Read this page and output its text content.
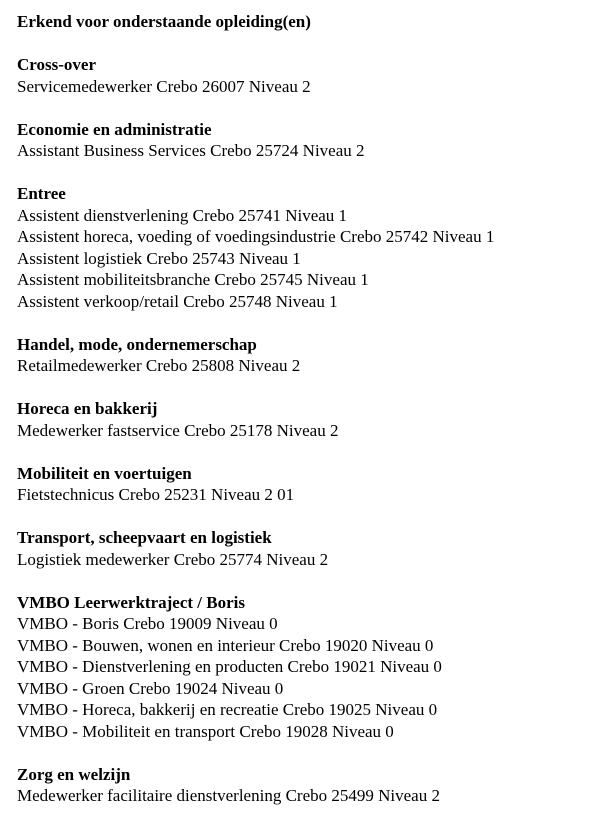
Erkend voor onderstaande opleiding(en)
Cross-over
Servicemedewerker Crebo 26007 Niveau 2
Economie en administratie
Assistant Business Services Crebo 25724 Niveau 2
Entree
Assistent dienstverlening Crebo 25741 Niveau 1
Assistent horeca, voeding of voedingsindustrie Crebo 25742 Niveau 1
Assistent logistiek Crebo 25743 Niveau 1
Assistent mobiliteitsbranche Crebo 25745 Niveau 1
Assistent verkoop/retail Crebo 25748 Niveau 1
Handel, mode, ondernemerschap
Retailmedewerker Crebo 25808 Niveau 2
Horeca en bakkerij
Medewerker fastservice Crebo 25178 Niveau 2
Mobiliteit en voertuigen
Fietstechnicus Crebo 25231 Niveau 2 01
Transport, scheepvaart en logistiek
Logistiek medewerker Crebo 25774 Niveau 2
VMBO Leerwerktraject / Boris
VMBO - Boris Crebo 19009 Niveau 0
VMBO - Bouwen, wonen en interieur Crebo 19020 Niveau 0
VMBO - Dienstverlening en producten Crebo 19021 Niveau 0
VMBO - Groen Crebo 19024 Niveau 0
VMBO - Horeca, bakkerij en recreatie Crebo 19025 Niveau 0
VMBO - Mobiliteit en transport Crebo 19028 Niveau 0
Zorg en welzijn
Medewerker facilitaire dienstverlening Crebo 25499 Niveau 2
